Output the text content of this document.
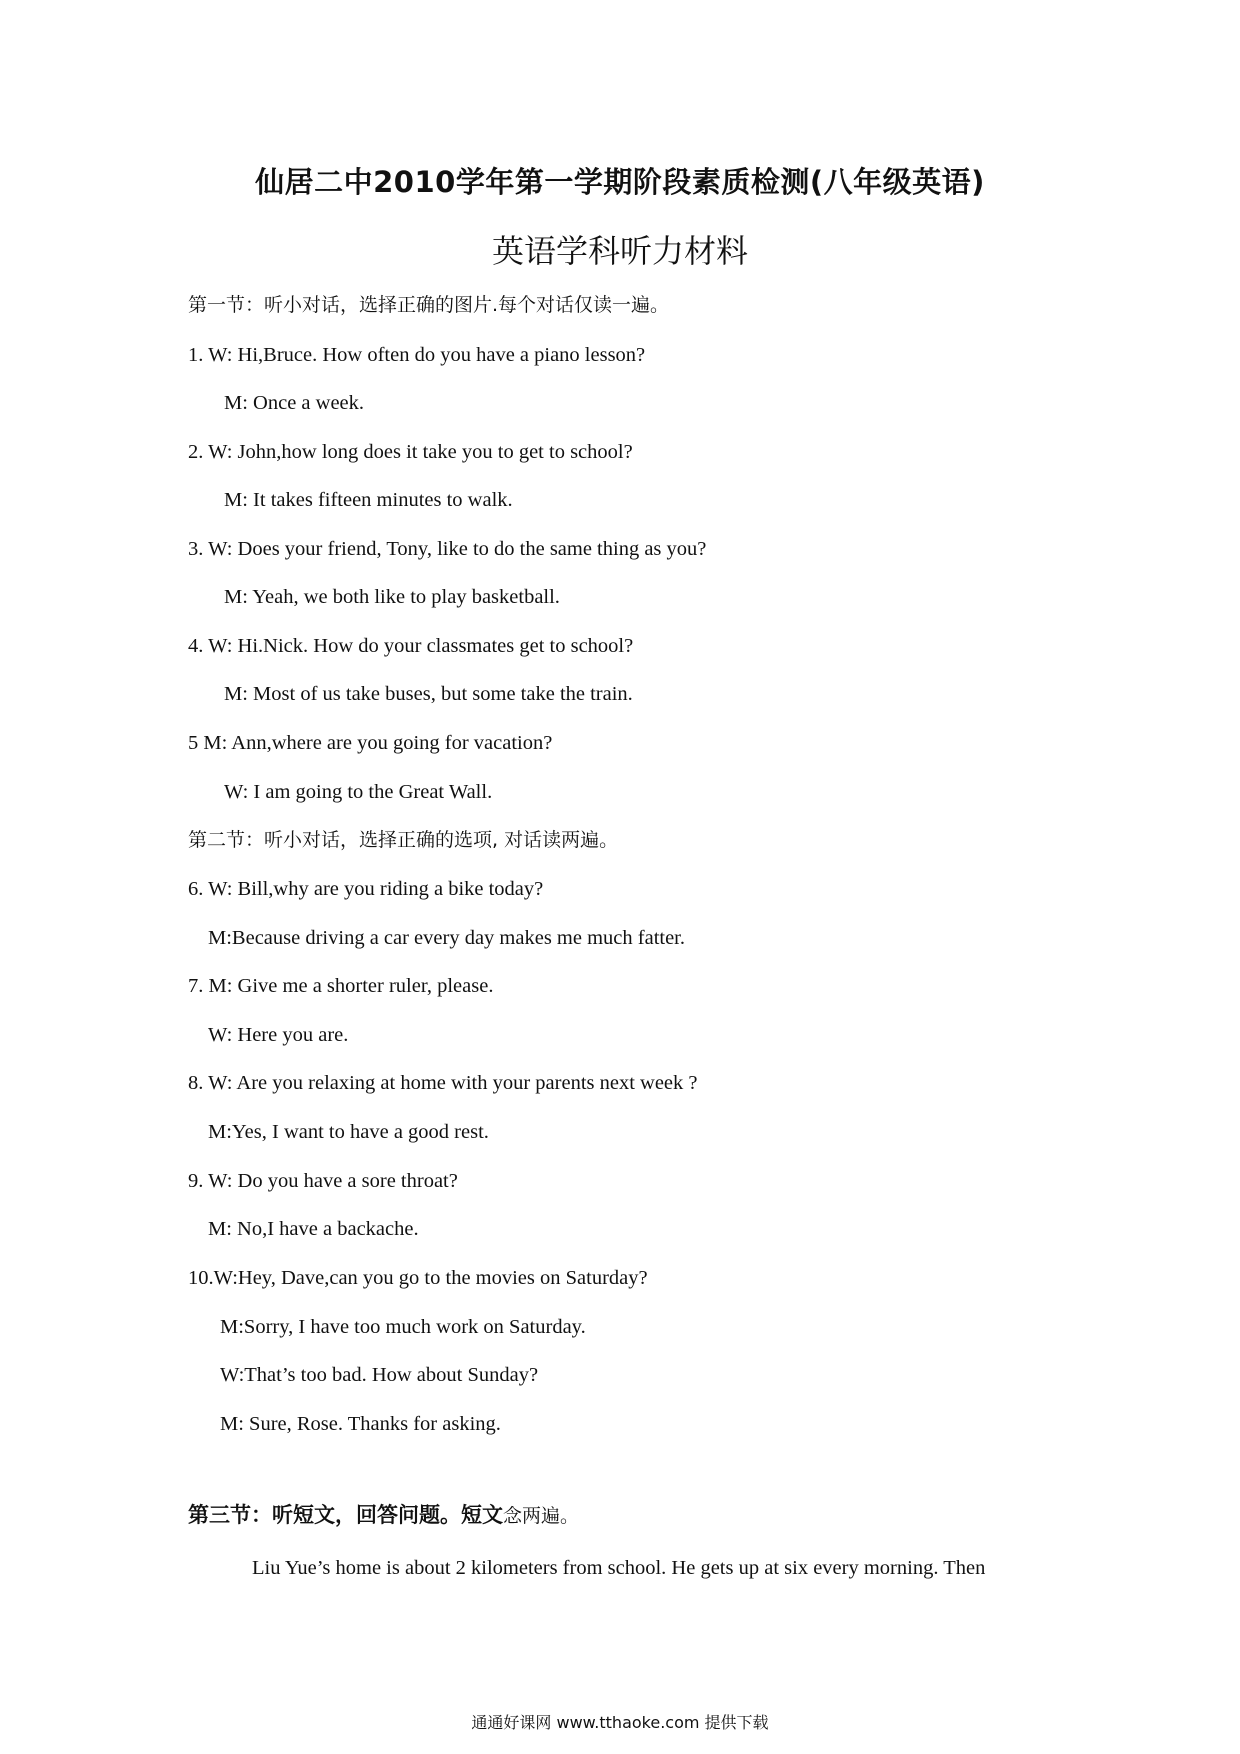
仙居二中2010学年第一学期阶段素质检测(八年级英语)
英语学科听力材料
第一节：听小对话，选择正确的图片.每个对话仅读一遍。
1. W: Hi,Bruce. How often do you have a piano lesson?
M: Once a week.
2. W: John,how long does it take you to get to school?
M: It takes fifteen minutes to walk.
3. W: Does your friend, Tony, like to do the same thing as you?
M: Yeah, we both like to play basketball.
4. W: Hi.Nick. How do your classmates get to school?
M: Most of us take buses, but some take the train.
5 M: Ann,where are you going for vacation?
W: I am going to the Great Wall.
第二节：听小对话，选择正确的选项, 对话读两遍。
6. W: Bill,why are you riding a bike today?
M:Because driving a car every day makes me much fatter.
7. M: Give me a shorter ruler, please.
W: Here you are.
8. W: Are you relaxing at home with your parents next week ?
M:Yes, I want to have a good rest.
9. W: Do you have a sore throat?
M: No,I have a backache.
10.W:Hey, Dave,can you go to the movies on Saturday?
M:Sorry, I have too much work on Saturday.
W:That’s too bad. How about Sunday?
M: Sure, Rose. Thanks for asking.
第三节：听短文，回答问题。短文念两遍。
Liu Yue’s home is about 2 kilometers from school. He gets up at six every morning. Then
通通好课网 www.tthaoke.com 提供下载
